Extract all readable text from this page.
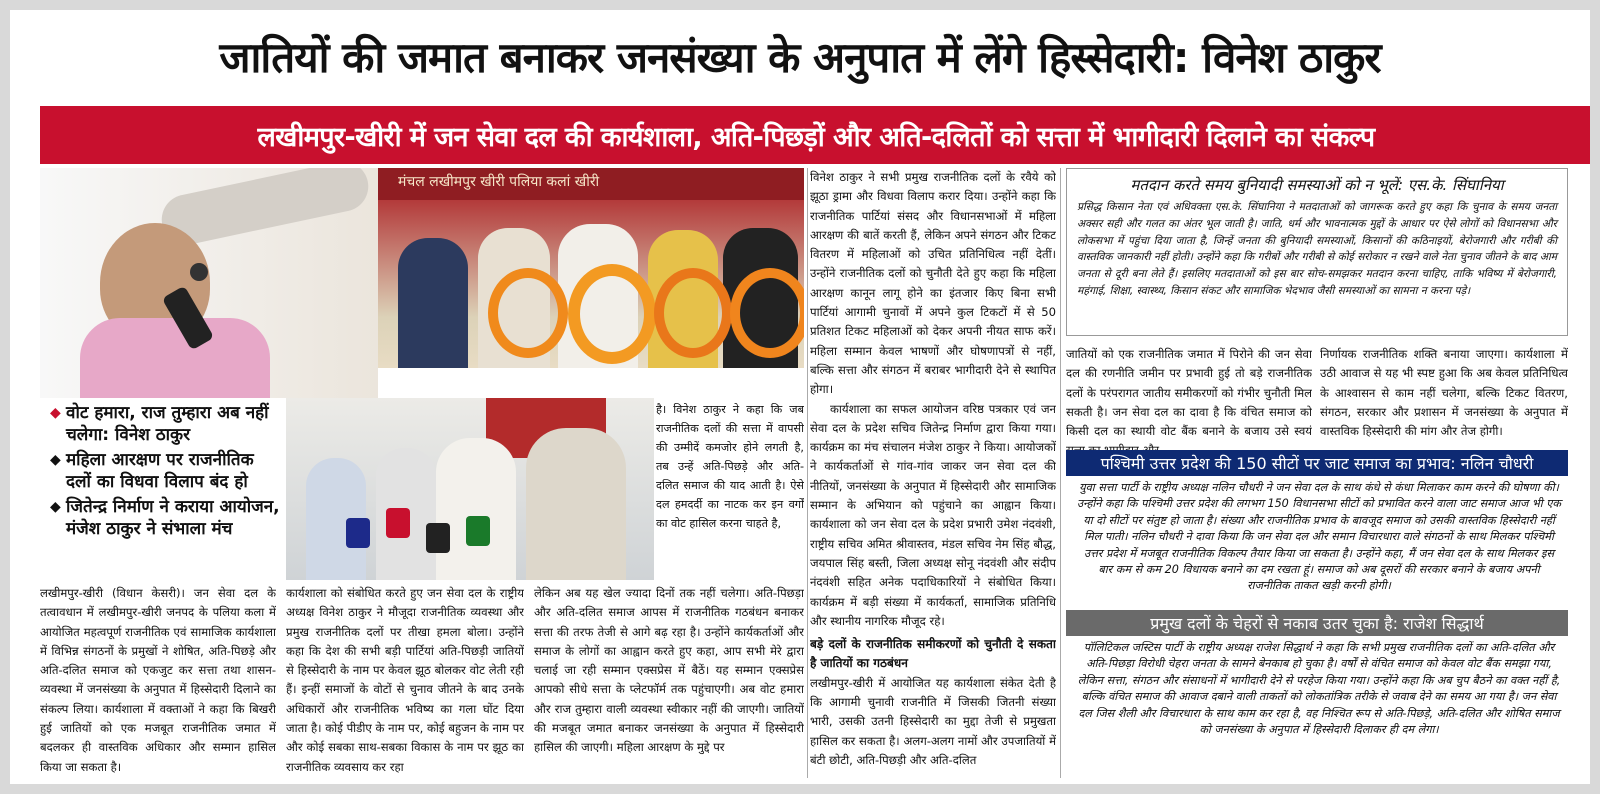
जातियों की जमात बनाकर जनसंख्या के अनुपात में लेंगे हिस्सेदारी: विनेश ठाकुर
लखीमपुर-खीरी में जन सेवा दल की कार्यशाला, अति-पिछड़ों और अति-दलितों को सत्ता में भागीदारी दिलाने का संकल्प
मंचल लखीमपुर खीरी पलिया कलां खीरी
◆ वोट हमारा, राज तुम्हारा अब नहीं चलेगा: विनेश ठाकुर
◆ महिला आरक्षण पर राजनीतिक दलों का विधवा विलाप बंद हो
◆ जितेन्द्र निर्माण ने कराया आयोजन, मंजेश ठाकुर ने संभाला मंच
लखीमपुर-खीरी (विधान केसरी)। जन सेवा दल के तत्वावधान में लखीमपुर-खीरी जनपद के पलिया कला में आयोजित महत्वपूर्ण राजनीतिक एवं सामाजिक कार्यशाला में विभिन्न संगठनों के प्रमुखों ने शोषित, अति-पिछड़े और अति-दलित समाज को एकजुट कर सत्ता तथा शासन-व्यवस्था में जनसंख्या के अनुपात में हिस्सेदारी दिलाने का संकल्प लिया। कार्यशाला में वक्ताओं ने कहा कि बिखरी हुई जातियों को एक मजबूत राजनीतिक जमात में बदलकर ही वास्तविक अधिकार और सम्मान हासिल किया जा सकता है।
कार्यशाला को संबोधित करते हुए जन सेवा दल के राष्ट्रीय अध्यक्ष विनेश ठाकुर ने मौजूदा राजनीतिक व्यवस्था और प्रमुख राजनीतिक दलों पर तीखा हमला बोला। उन्होंने कहा कि देश की सभी बड़ी पार्टियां अति-पिछड़ी जातियों से हिस्सेदारी के नाम पर केवल झूठ बोलकर वोट लेती रही हैं। इन्हीं समाजों के वोटों से चुनाव जीतने के बाद उनके अधिकारों और राजनीतिक भविष्य का गला घोंट दिया जाता है। कोई पीडीए के नाम पर, कोई बहुजन के नाम पर और कोई सबका साथ-सबका विकास के नाम पर झूठ का राजनीतिक व्यवसाय कर रहा
है। विनेश ठाकुर ने कहा कि जब राजनीतिक दलों की सत्ता में वापसी की उम्मीदें कमजोर होने लगती है, तब उन्हें अति-पिछड़े और अति-दलित समाज की याद आती है। ऐसे दल हमदर्दी का नाटक कर इन वर्गों का वोट हासिल करना चाहते है,
लेकिन अब यह खेल ज्यादा दिनों तक नहीं चलेगा। अति-पिछड़ा और अति-दलित समाज आपस में राजनीतिक गठबंधन बनाकर सत्ता की तरफ तेजी से आगे बढ़ रहा है। उन्होंने कार्यकर्ताओं और समाज के लोगों का आह्वान करते हुए कहा, आप सभी मेरे द्वारा चलाई जा रही सम्मान एक्सप्रेस में बैठें। यह सम्मान एक्सप्रेस आपको सीधे सत्ता के प्लेटफॉर्म तक पहुंचाएगी। अब वोट हमारा और राज तुम्हारा वाली व्यवस्था स्वीकार नहीं की जाएगी। जातियों की मजबूत जमात बनाकर जनसंख्या के अनुपात में हिस्सेदारी हासिल की जाएगी। महिला आरक्षण के मुद्दे पर
विनेश ठाकुर ने सभी प्रमुख राजनीतिक दलों के रवैये को झूठा ड्रामा और विधवा विलाप करार दिया। उन्होंने कहा कि राजनीतिक पार्टियां संसद और विधानसभाओं में महिला आरक्षण की बातें करती हैं, लेकिन अपने संगठन और टिकट वितरण में महिलाओं को उचित प्रतिनिधित्व नहीं देतीं। उन्होंने राजनीतिक दलों को चुनौती देते हुए कहा कि महिला आरक्षण कानून लागू होने का इंतजार किए बिना सभी पार्टियां आगामी चुनावों में अपने कुल टिकटों में से 50 प्रतिशत टिकट महिलाओं को देकर अपनी नीयत साफ करें। महिला सम्मान केवल भाषणों और घोषणापत्रों से नहीं, बल्कि सत्ता और संगठन में बराबर भागीदारी देने से स्थापित होगा।
कार्यशाला का सफल आयोजन वरिष्ठ पत्रकार एवं जन सेवा दल के प्रदेश सचिव जितेन्द्र निर्माण द्वारा किया गया। कार्यक्रम का मंच संचालन मंजेश ठाकुर ने किया। आयोजकों ने कार्यकर्ताओं से गांव-गांव जाकर जन सेवा दल की नीतियों, जनसंख्या के अनुपात में हिस्सेदारी और सामाजिक सम्मान के अभियान को पहुंचाने का आह्वान किया। कार्यशाला को जन सेवा दल के प्रदेश प्रभारी उमेश नंदवंशी, राष्ट्रीय सचिव अमित श्रीवास्तव, मंडल सचिव नेम सिंह बौद्ध, जयपाल सिंह बस्ती, जिला अध्यक्ष सोनू नंदवंशी और संदीप नंदवंशी सहित अनेक पदाधिकारियों ने संबोधित किया। कार्यक्रम में बड़ी संख्या में कार्यकर्ता, सामाजिक प्रतिनिधि और स्थानीय नागरिक मौजूद रहे।
बड़े दलों के राजनीतिक समीकरणों को चुनौती दे सकता है जातियों का गठबंधन
लखीमपुर-खीरी में आयोजित यह कार्यशाला संकेत देती है कि आगामी चुनावी राजनीति में जिसकी जितनी संख्या भारी, उसकी उतनी हिस्सेदारी का मुद्दा तेजी से प्रमुखता हासिल कर सकता है। अलग-अलग नामों और उपजातियों में बंटी छोटी, अति-पिछड़ी और अति-दलित
जातियों को एक राजनीतिक जमात में पिरोने की जन सेवा दल की रणनीति जमीन पर प्रभावी हुई तो बड़े राजनीतिक दलों के परंपरागत जातीय समीकरणों को गंभीर चुनौती मिल सकती है। जन सेवा दल का दावा है कि वंचित समाज को किसी दल का स्थायी वोट बैंक बनाने के बजाय उसे स्वयं
निर्णायक राजनीतिक शक्ति बनाया जाएगा। कार्यशाला में उठी आवाज से यह भी स्पष्ट हुआ कि अब केवल प्रतिनिधित्व के आश्वासन से काम नहीं चलेगा, बल्कि टिकट वितरण, संगठन, सरकार और प्रशासन में जनसंख्या के अनुपात में वास्तविक हिस्सेदारी की मांग और तेज होगी।
मतदान करते समय बुनियादी समस्याओं को न भूलें: एस.के. सिंघानिया
प्रसिद्ध किसान नेता एवं अधिवक्ता एस.के. सिंघानिया ने मतदाताओं को जागरूक करते हुए कहा कि चुनाव के समय जनता अक्सर सही और गलत का अंतर भूल जाती है। जाति, धर्म और भावनात्मक मुद्दों के आधार पर ऐसे लोगों को विधानसभा और लोकसभा में पहुंचा दिया जाता है, जिन्हें जनता की बुनियादी समस्याओं, किसानों की कठिनाइयों, बेरोजगारी और गरीबी की वास्तविक जानकारी नहीं होती। उन्होंने कहा कि गरीबों और गरीबी से कोई सरोकार न रखने वाले नेता चुनाव जीतने के बाद आम जनता से दूरी बना लेते हैं। इसलिए मतदाताओं को इस बार सोच-समझकर मतदान करना चाहिए, ताकि भविष्य में बेरोजगारी, महंगाई, शिक्षा, स्वास्थ्य, किसान संकट और सामाजिक भेदभाव जैसी समस्याओं का सामना न करना पड़े।
पश्चिमी उत्तर प्रदेश की 150 सीटों पर जाट समाज का प्रभाव: नलिन चौधरी
युवा सत्ता पार्टी के राष्ट्रीय अध्यक्ष नलिन चौधरी ने जन सेवा दल के साथ कंधे से कंधा मिलाकर काम करने की घोषणा की। उन्होंने कहा कि पश्चिमी उत्तर प्रदेश की लगभग 150 विधानसभा सीटों को प्रभावित करने वाला जाट समाज आज भी एक या दो सीटों पर संतुष्ट हो जाता है। संख्या और राजनीतिक प्रभाव के बावजूद समाज को उसकी वास्तविक हिस्सेदारी नहीं मिल पाती। नलिन चौधरी ने दावा किया कि जन सेवा दल और समान विचारधारा वाले संगठनों के साथ मिलकर पश्चिमी उत्तर प्रदेश में मजबूत राजनीतिक विकल्प तैयार किया जा सकता है। उन्होंने कहा, मैं जन सेवा दल के साथ मिलकर इस बार कम से कम 20 विधायक बनाने का दम रखता हूं। समाज को अब दूसरों की सरकार बनाने के बजाय अपनी राजनीतिक ताकत खड़ी करनी होगी।
प्रमुख दलों के चेहरों से नकाब उतर चुका है: राजेश सिद्धार्थ
पॉलिटिकल जस्टिस पार्टी के राष्ट्रीय अध्यक्ष राजेश सिद्धार्थ ने कहा कि सभी प्रमुख राजनीतिक दलों का अति-दलित और अति-पिछड़ा विरोधी चेहरा जनता के सामने बेनकाब हो चुका है। वर्षों से वंचित समाज को केवल वोट बैंक समझा गया, लेकिन सत्ता, संगठन और संसाधनों में भागीदारी देने से परहेज किया गया। उन्होंने कहा कि अब चुप बैठने का वक्त नहीं है, बल्कि वंचित समाज की आवाज दबाने वाली ताकतों को लोकतांत्रिक तरीके से जवाब देने का समय आ गया है। जन सेवा दल जिस शैली और विचारधारा के साथ काम कर रहा है, वह निश्चित रूप से अति-पिछड़े, अति-दलित और शोषित समाज को जनसंख्या के अनुपात में हिस्सेदारी दिलाकर ही दम लेगा।
